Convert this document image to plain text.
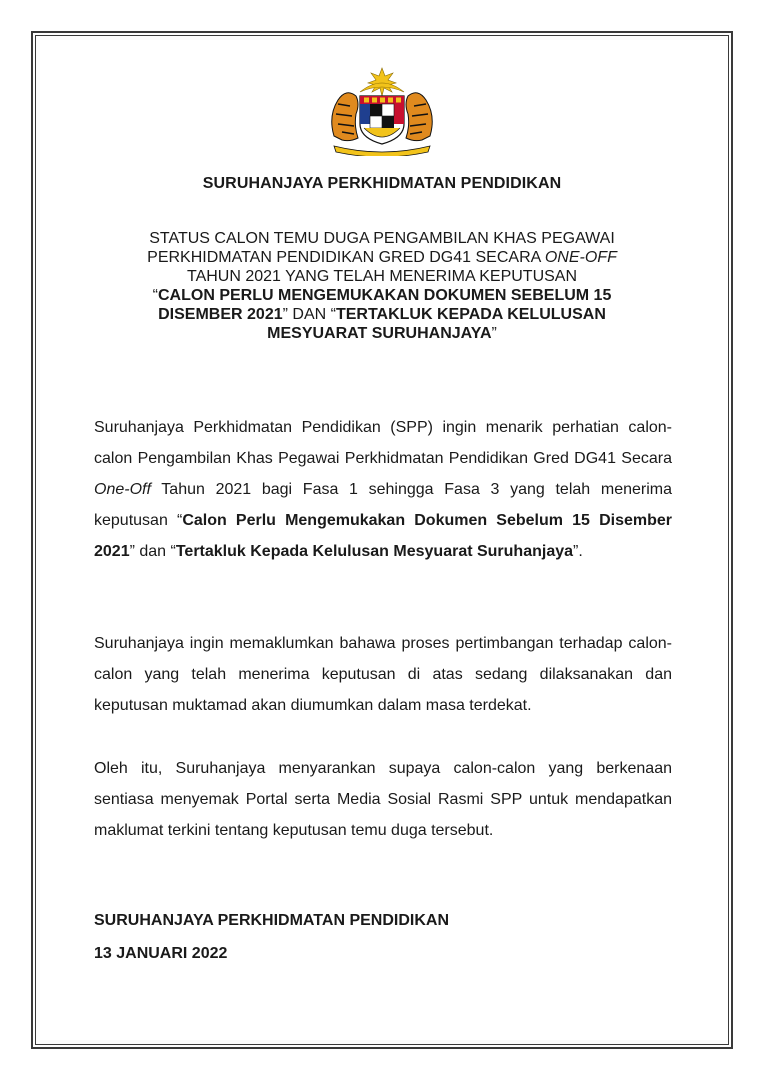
SURUHANJAYA PERKHIDMATAN PENDIDIKAN
STATUS CALON TEMU DUGA PENGAMBILAN KHAS PEGAWAI
PERKHIDMATAN PENDIDIKAN GRED DG41 SECARA ONE-OFF
TAHUN 2021 YANG TELAH MENERIMA KEPUTUSAN
“CALON PERLU MENGEMUKAKAN DOKUMEN SEBELUM 15
DISEMBER 2021” DAN “TERTAKLUK KEPADA KELULUSAN
MESYUARAT SURUHANJAYA”

Suruhanjaya Perkhidmatan Pendidikan (SPP) ingin menarik perhatian calon-calon Pengambilan Khas Pegawai Perkhidmatan Pendidikan Gred DG41 Secara One-Off Tahun 2021 bagi Fasa 1 sehingga Fasa 3 yang telah menerima keputusan “Calon Perlu Mengemukakan Dokumen Sebelum 15 Disember 2021” dan “Tertakluk Kepada Kelulusan Mesyuarat Suruhanjaya”.

Suruhanjaya ingin memaklumkan bahawa proses pertimbangan terhadap calon-calon yang telah menerima keputusan di atas sedang dilaksanakan dan keputusan muktamad akan diumumkan dalam masa terdekat.

Oleh itu, Suruhanjaya menyarankan supaya calon-calon yang berkenaan sentiasa menyemak Portal serta Media Sosial Rasmi SPP untuk mendapatkan maklumat terkini tentang keputusan temu duga tersebut.

SURUHANJAYA PERKHIDMATAN PENDIDIKAN
13 JANUARI 2022
